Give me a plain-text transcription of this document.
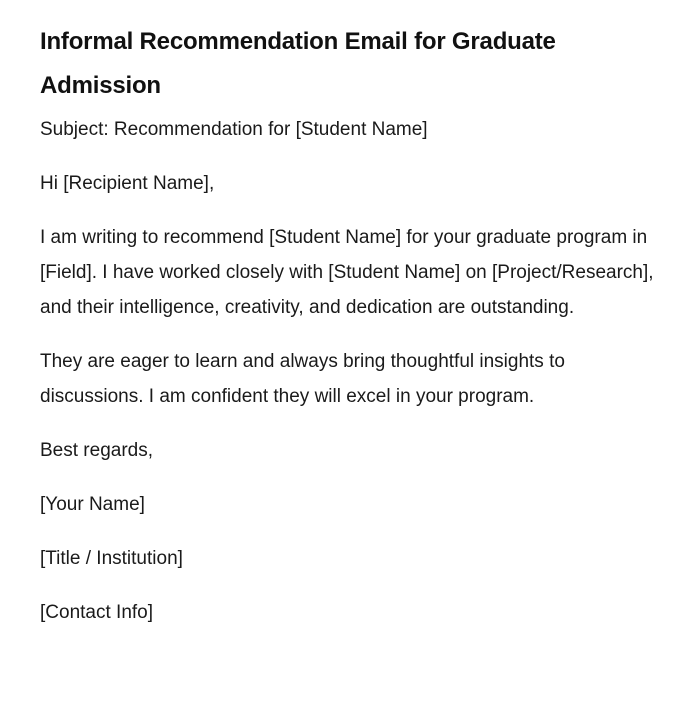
Informal Recommendation Email for Graduate Admission

Subject: Recommendation for [Student Name]

Hi [Recipient Name],

I am writing to recommend [Student Name] for your graduate program in [Field]. I have worked closely with [Student Name] on [Project/Research], and their intelligence, creativity, and dedication are outstanding.

They are eager to learn and always bring thoughtful insights to discussions. I am confident they will excel in your program.

Best regards,

[Your Name]

[Title / Institution]

[Contact Info]
